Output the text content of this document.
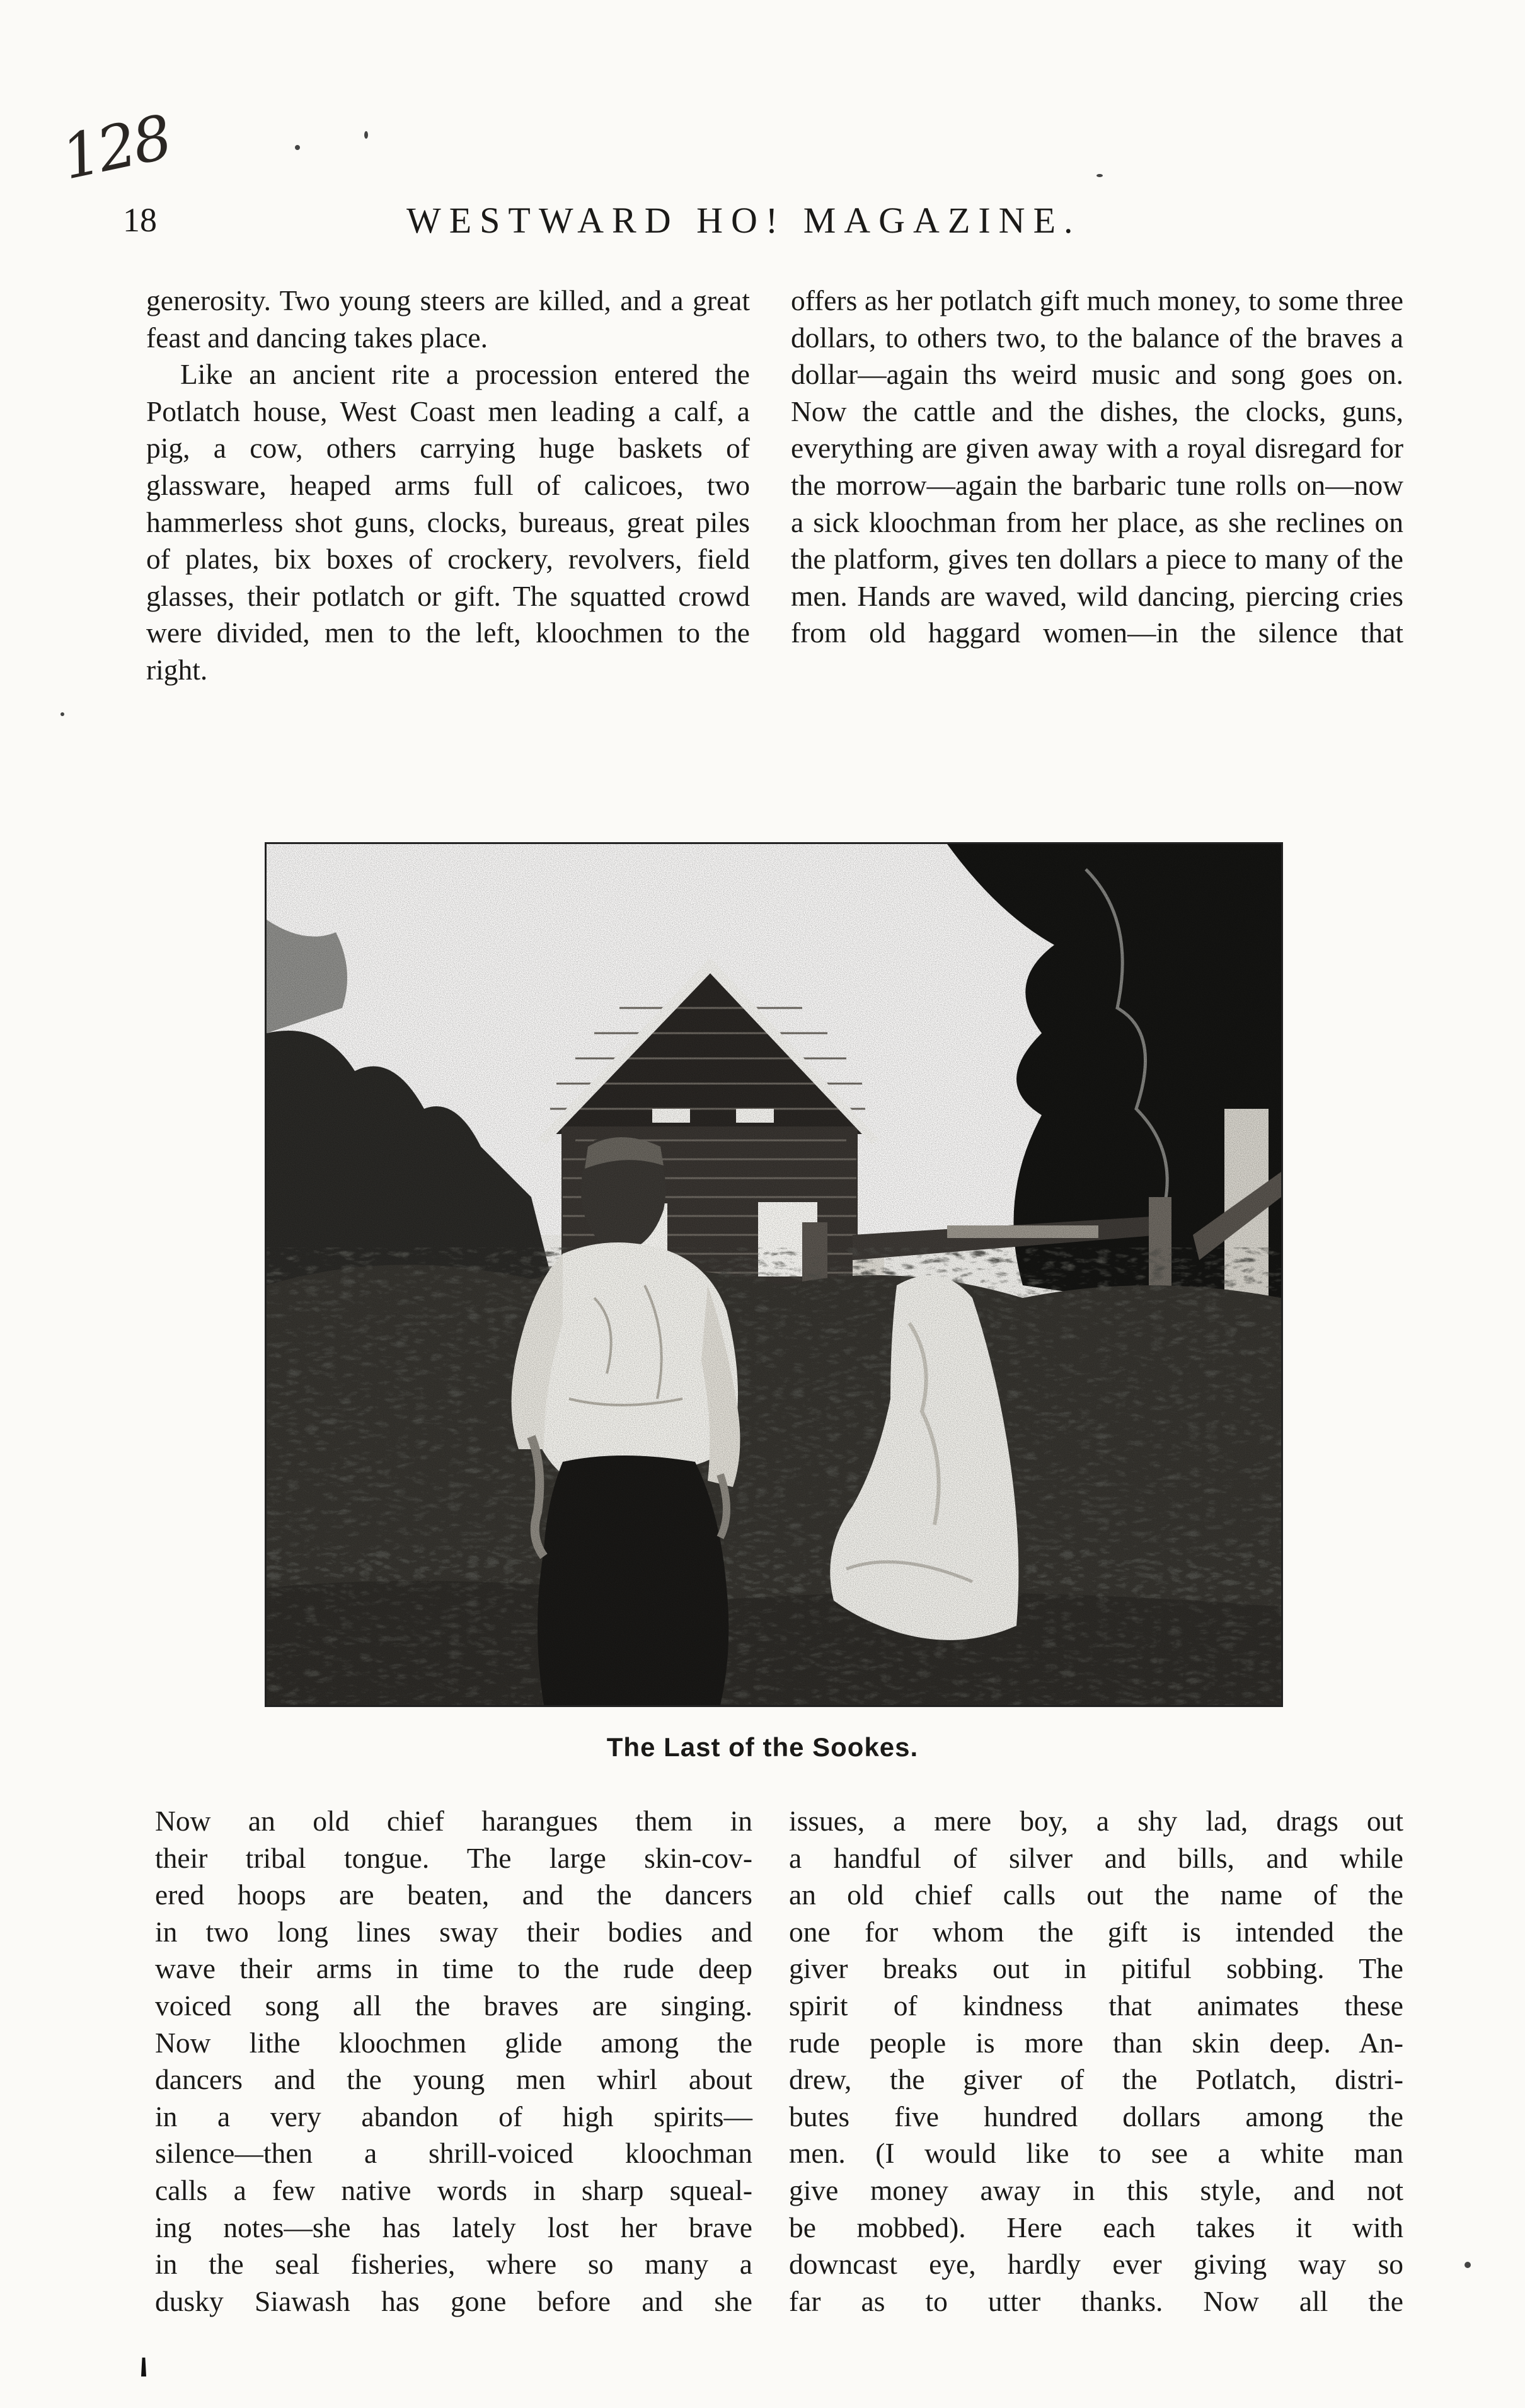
128
18	WESTWARD HO! MAGAZINE.

generosity. Two young steers are killed, and a great feast and dancing takes place.

Like an ancient rite a procession entered the Potlatch house, West Coast men leading a calf, a pig, a cow, others carrying huge baskets of glassware, heaped arms full of calicoes, two hammerless shot guns, clocks, bureaus, great piles of plates, bix boxes of crockery, revolvers, field glasses, their potlatch or gift. The squatted crowd were divided, men to the left, kloochmen to the right.

offers as her potlatch gift much money, to some three dollars, to others two, to the balance of the braves a dollar—again ths weird music and song goes on. Now the cattle and the dishes, the clocks, guns, everything are given away with a royal disregard for the morrow—again the barbaric tune rolls on—now a sick kloochman from her place, as she reclines on the platform, gives ten dollars a piece to many of the men. Hands are waved, wild dancing, piercing cries from old haggard women—in the silence that

The Last of the Sookes.

Now an old chief harangues them in
their tribal tongue. The large skin-cov-
ered hoops are beaten, and the dancers
in two long lines sway their bodies and
wave their arms in time to the rude deep
voiced song all the braves are singing.
Now lithe kloochmen glide among the
dancers and the young men whirl about
in a very abandon of high spirits—
silence—then a shrill-voiced kloochman
calls a few native words in sharp squeal-
ing notes—she has lately lost her brave
in the seal fisheries, where so many a
dusky Siawash has gone before and she

issues, a mere boy, a shy lad, drags out
a handful of silver and bills, and while
an old chief calls out the name of the
one for whom the gift is intended the
giver breaks out in pitiful sobbing. The
spirit of kindness that animates these
rude people is more than skin deep. An-
drew, the giver of the Potlatch, distri-
butes five hundred dollars among the
men. (I would like to see a white man
give money away in this style, and not
be mobbed). Here each takes it with
downcast eye, hardly ever giving way so
far as to utter thanks. Now all the
